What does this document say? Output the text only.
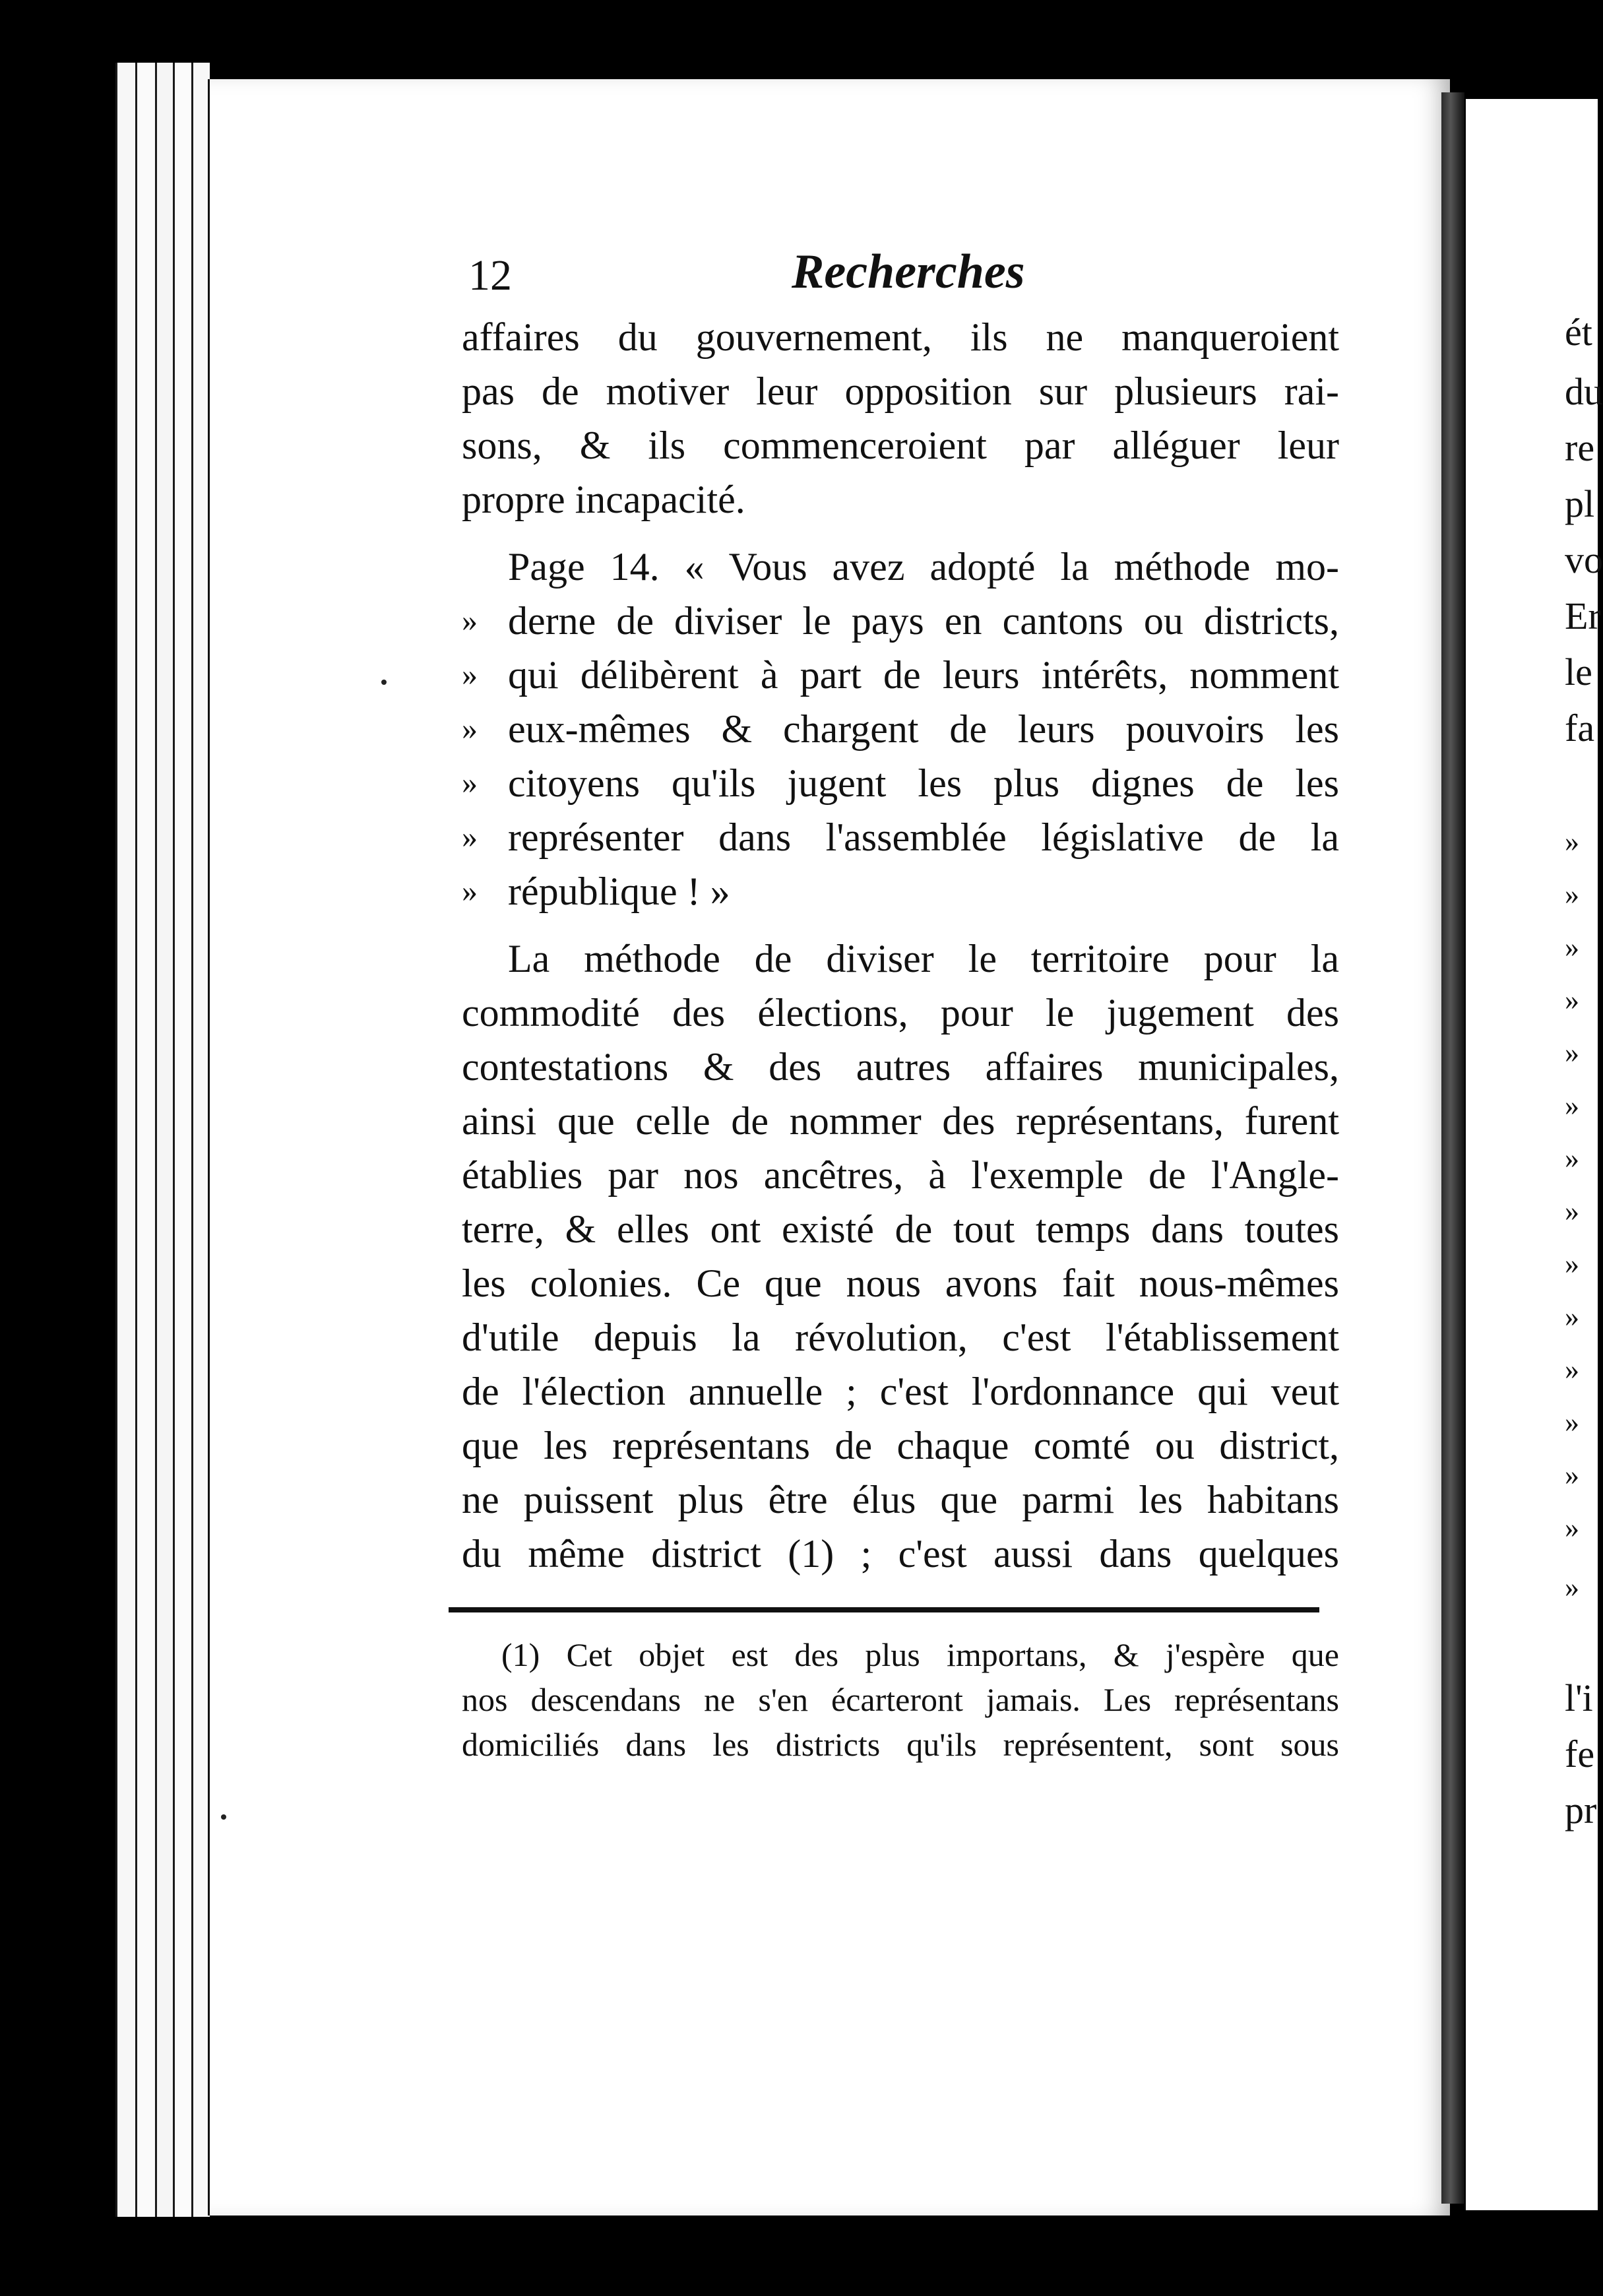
ét
du
re
pl
vo
Er
le
fa
»
»
»
»
»
»
»
»
»
»
»
»
»
»
»
l'i
fe
pr
12	Recherches
affaires du gouvernement, ils ne manqueroient
pas de motiver leur opposition sur plusieurs rai-
sons, & ils commenceroient par alléguer leur
propre incapacité.
Page 14. « Vous avez adopté la méthode mo-
» derne de diviser le pays en cantons ou districts,
» qui délibèrent à part de leurs intérêts, nomment
» eux-mêmes & chargent de leurs pouvoirs les
» citoyens qu'ils jugent les plus dignes de les
» représenter dans l'assemblée législative de la
» république ! »
La méthode de diviser le territoire pour la
commodité des élections, pour le jugement des
contestations & des autres affaires municipales,
ainsi que celle de nommer des représentans, furent
établies par nos ancêtres, à l'exemple de l'Angle-
terre, & elles ont existé de tout temps dans toutes
les colonies. Ce que nous avons fait nous-mêmes
d'utile depuis la révolution, c'est l'établissement
de l'élection annuelle ; c'est l'ordonnance qui veut
que les représentans de chaque comté ou district,
ne puissent plus être élus que parmi les habitans
du même district (1) ; c'est aussi dans quelques
(1) Cet objet est des plus importans, & j'espère que
nos descendans ne s'en écarteront jamais. Les représentans
domiciliés dans les districts qu'ils représentent, sont sous
